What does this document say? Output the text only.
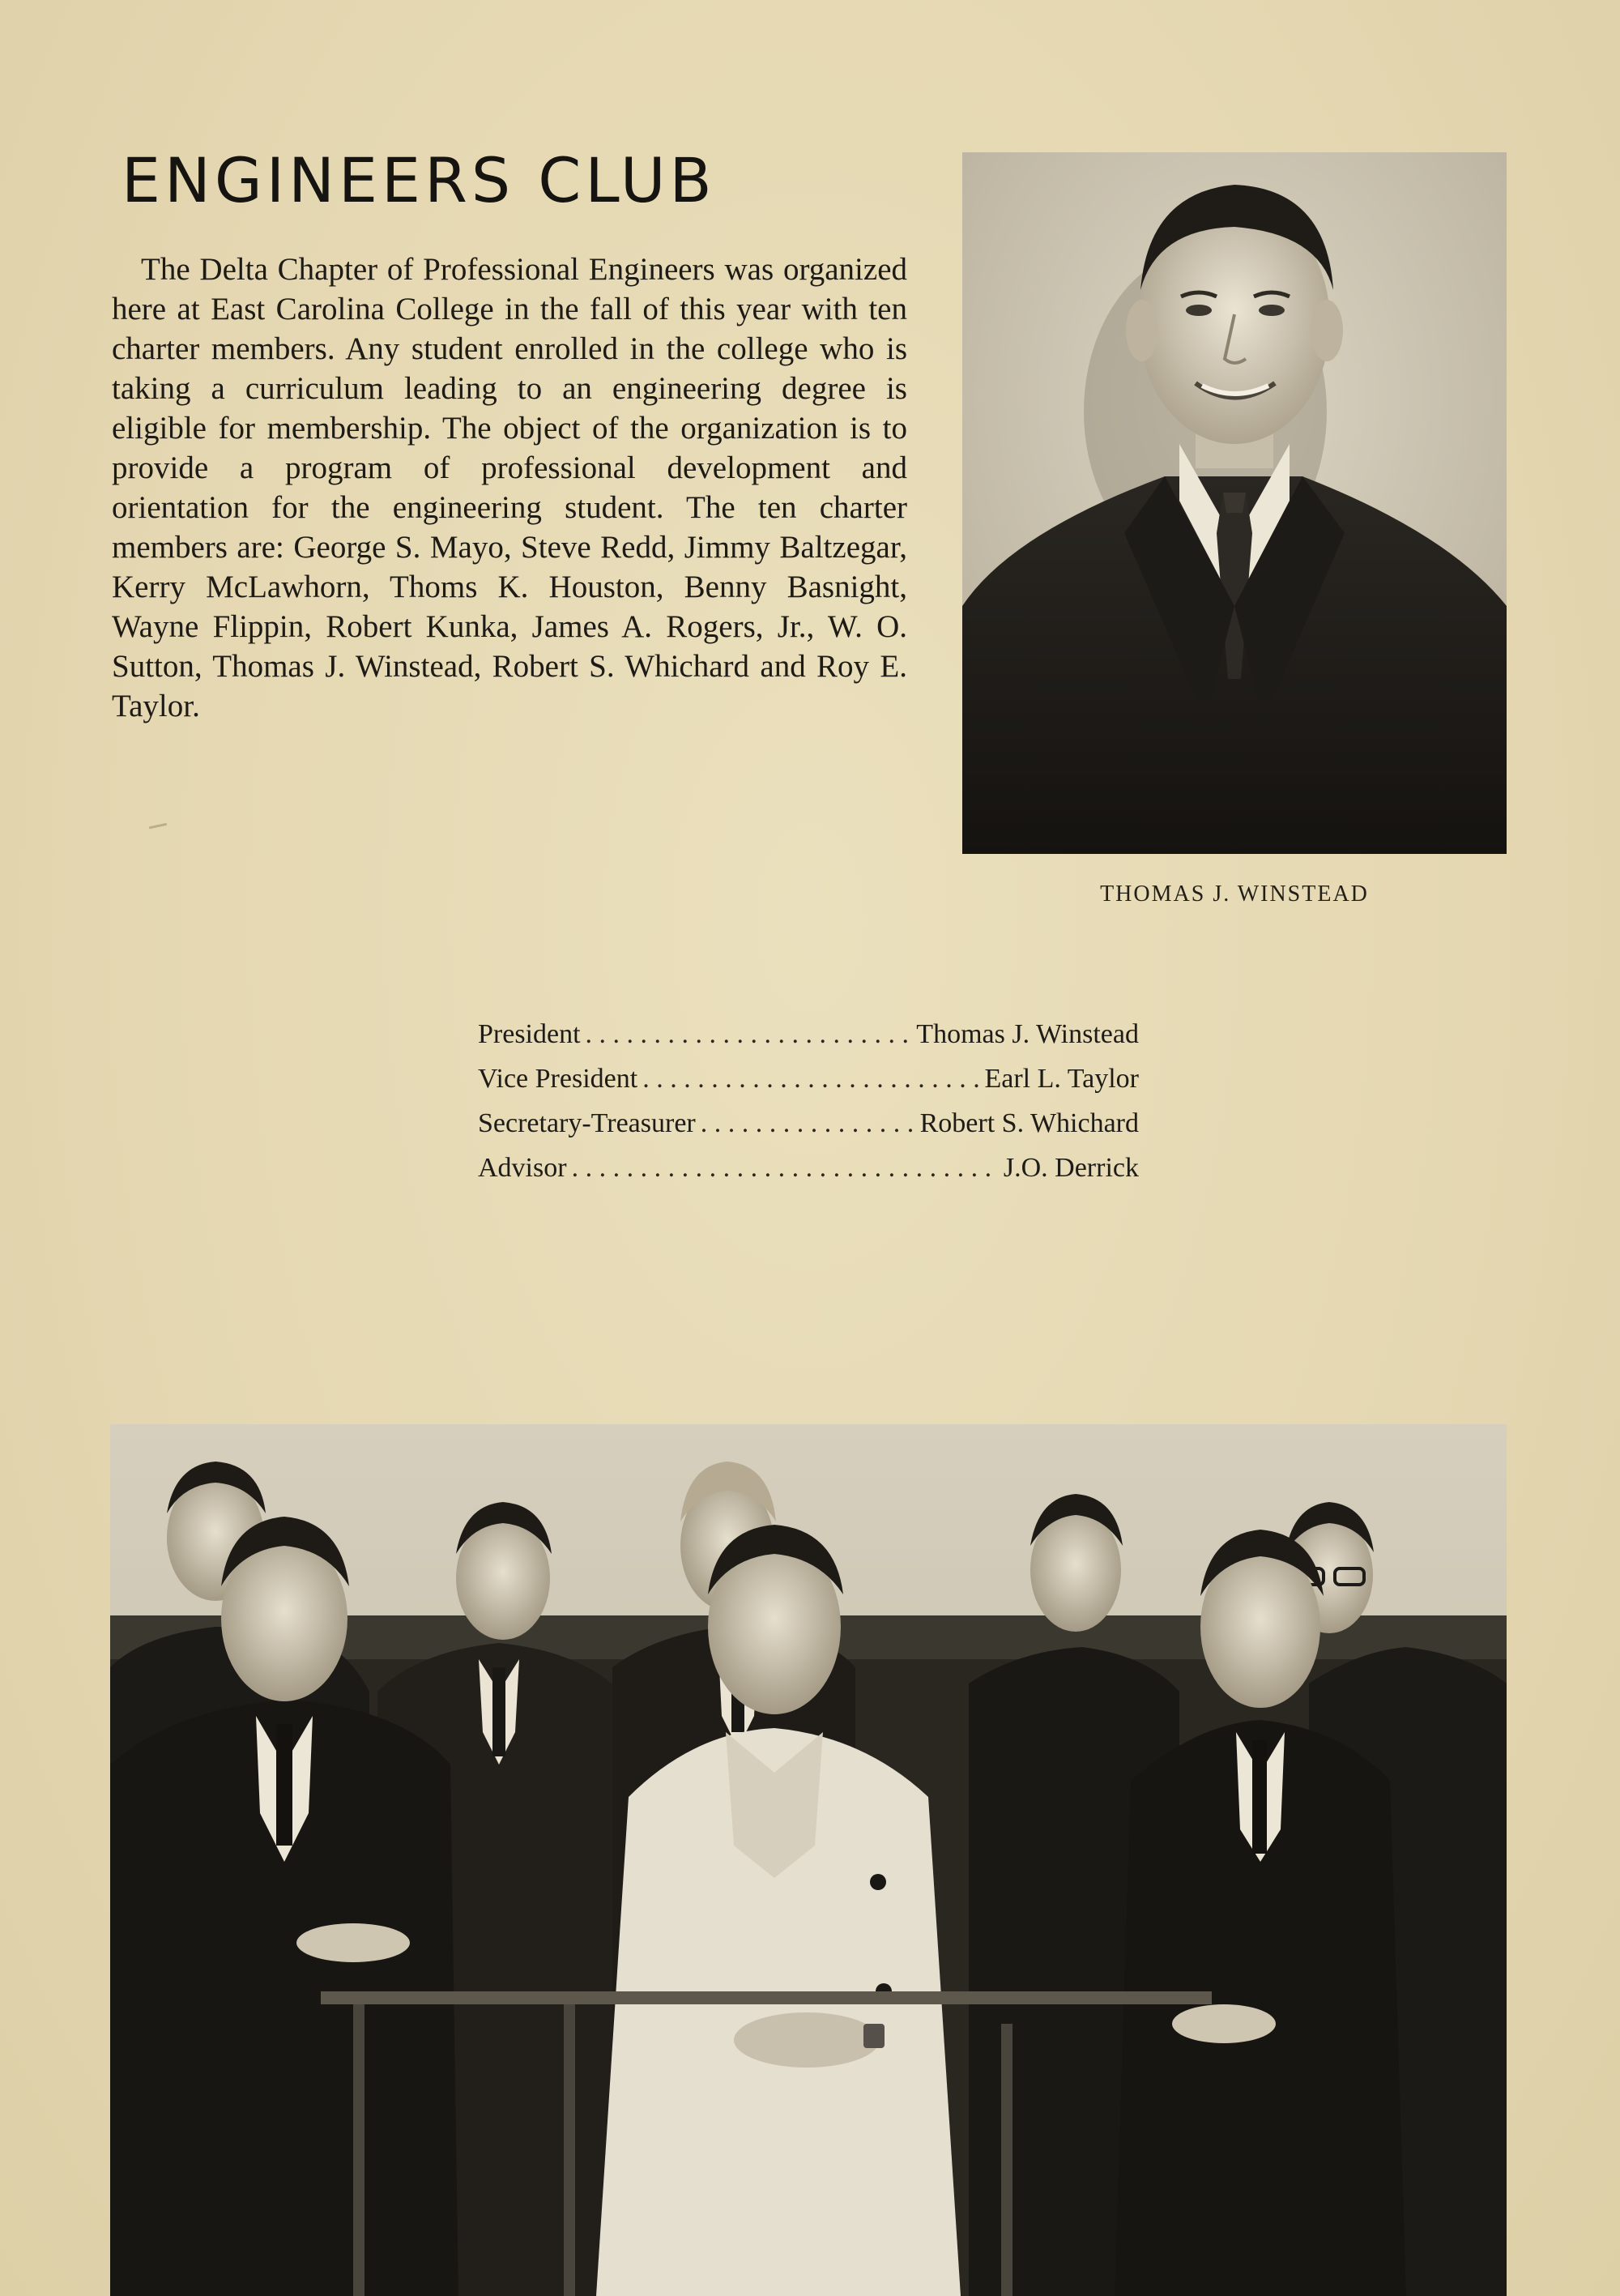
ENGINEERS CLUB

The Delta Chapter of Professional Engineers was organized here at East Carolina College in the fall of this year with ten charter members. Any student enrolled in the college who is taking a curriculum leading to an engineering degree is eligible for membership. The object of the organization is to provide a program of professional development and orientation for the engineering student. The ten charter members are: George S. Mayo, Steve Redd, Jimmy Baltzegar, Kerry McLawhorn, Thoms K. Houston, Benny Basnight, Wayne Flippin, Robert Kunka, James A. Rogers, Jr., W. O. Sutton, Thomas J. Winstead, Robert S. Whichard and Roy E. Taylor.

THOMAS J. WINSTEAD
President . . .	Thomas J. Winstead
Vice President . . .	Earl L. Taylor
Secretary-Treasurer . . .	Robert S. Whichard
Advisor . . .	J.O. Derrick
